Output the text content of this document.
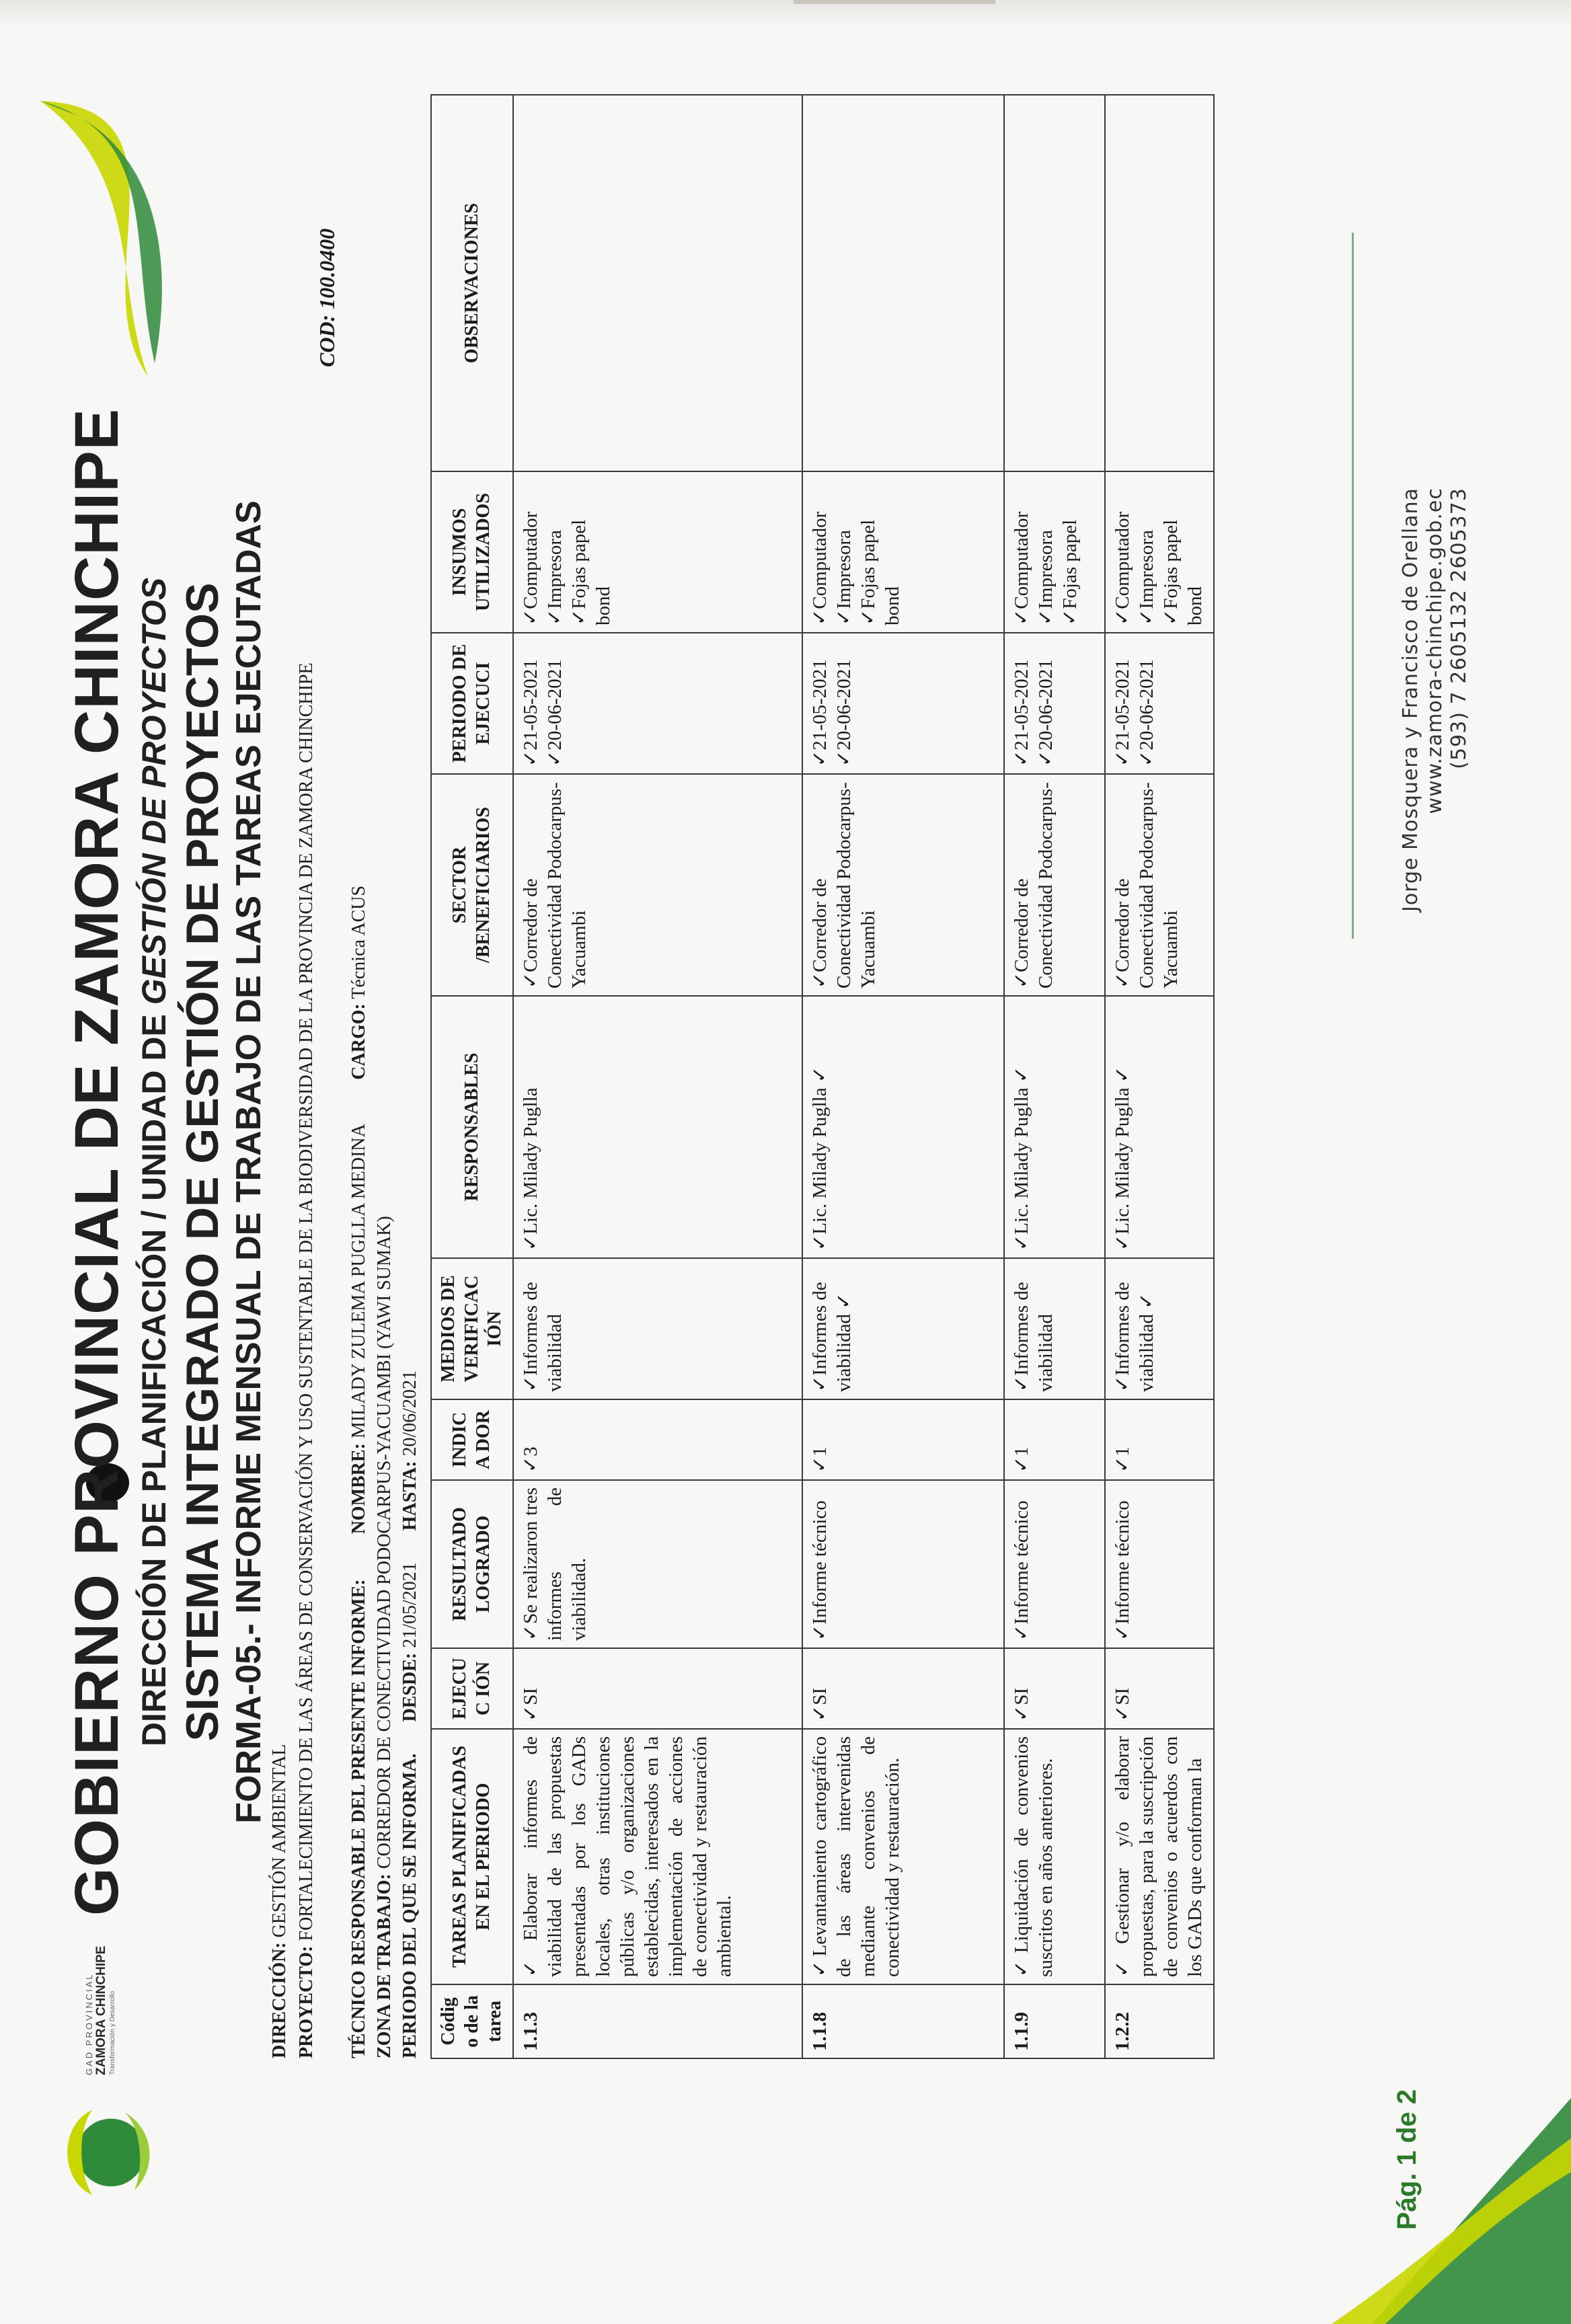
GOBIERNO PROVINCIAL DE ZAMORA CHINCHIPE DIRECCIÓN DE PLANIFICACIÓN / UNIDAD DE GESTIÓN DE PROYECTOS
SISTEMA INTEGRADO DE GESTIÓN DE PROYECTOS FORMA-05.- INFORME MENSUAL DE TRABAJO DE LAS TAREAS EJECUTADAS
GAD PROVINCIAL ZAMORA CHINCHIPE Transformación y Desarrollo	DIRECCIÓN: GESTIÓN AMBIENTAL
PROYECTO: FORTALECIMIENTO DE LAS ÁREAS DE CONSERVACIÓN Y USO SUSTENTABLE DE LA BIODIVERSIDAD DE LA PROVINCIA DE ZAMORA CHINCHIPE
COD: 100.0400
TÉCNICO RESPONSABLE DEL PRESENTE INFORME: NOMBRE: MILADY ZULEMA PUGLLA MEDINA CARGO: Técnica ACUS
ZONA DE TRABAJO: CORREDOR DE CONECTIVIDAD PODOCARPUS-YACUAMBI (YAWI SUMAK)
PERIODO DEL QUE SE INFORMA. DESDE: 21/05/2021 HASTA: 20/06/2021
Códig o de la tarea	TAREAS PLANIFICADAS EN EL PERIODO	EJECUC IÓN	RESULTADO LOGRADO	INDICA DOR	MEDIOS DE VERIFICAC IÓN	RESPONSABLES	SECTOR /BENEFICIARIOS	PERIODO DE EJECUCI	INSUMOS UTILIZADOS	OBSERVACIONES
1.1.3	✓Elaborar informes de viabilidad de las propuestas presentadas por los GADs locales, otras instituciones públicas y/o organizaciones establecidas, interesados en la implementación de acciones de conectividad y restauración ambiental.	✓SI	✓Se realizaron tres informes de viabilidad.	✓3	✓Informes de viabilidad	✓Lic. Milady Puglla	✓Corredor de Conectividad Podocarpus-Yacuambi	✓21-05-2021 ✓20-06-2021	✓Computador ✓Impresora ✓Fojas papel bond	
1.1.8	✓Levantamiento cartográfico de las áreas intervenidas mediante convenios de conectividad y restauración.	✓SI	✓Informe técnico	✓1	✓Informes de viabilidad ✓	✓Lic. Milady Puglla ✓	✓Corredor de Conectividad Podocarpus-Yacuambi	✓21-05-2021 ✓20-06-2021	✓Computador ✓Impresora ✓Fojas papel bond	
1.1.9	✓Liquidación de convenios suscritos en años anteriores.	✓SI	✓Informe técnico	✓1	✓Informes de viabilidad	✓Lic. Milady Puglla ✓	✓Corredor de Conectividad Podocarpus-	✓21-05-2021 ✓20-06-2021	✓Computador ✓Impresora ✓Fojas papel	
1.2.2	✓Gestionar y/o elaborar propuestas, para la suscripción de convenios o acuerdos con los GADs que conforman la	✓SI	✓Informe técnico	✓1	✓Informes de viabilidad ✓	✓Lic. Milady Puglla ✓	✓Corredor de Conectividad Podocarpus-Yacuambi	✓21-05-2021 ✓20-06-2021	✓Computador ✓Impresora ✓Fojas papel bond	
Pág. 1 de 2
Jorge Mosquera y Francisco de Orellana www.zamora-chinchipe.gob.ec (593) 7 2605132 2605373
